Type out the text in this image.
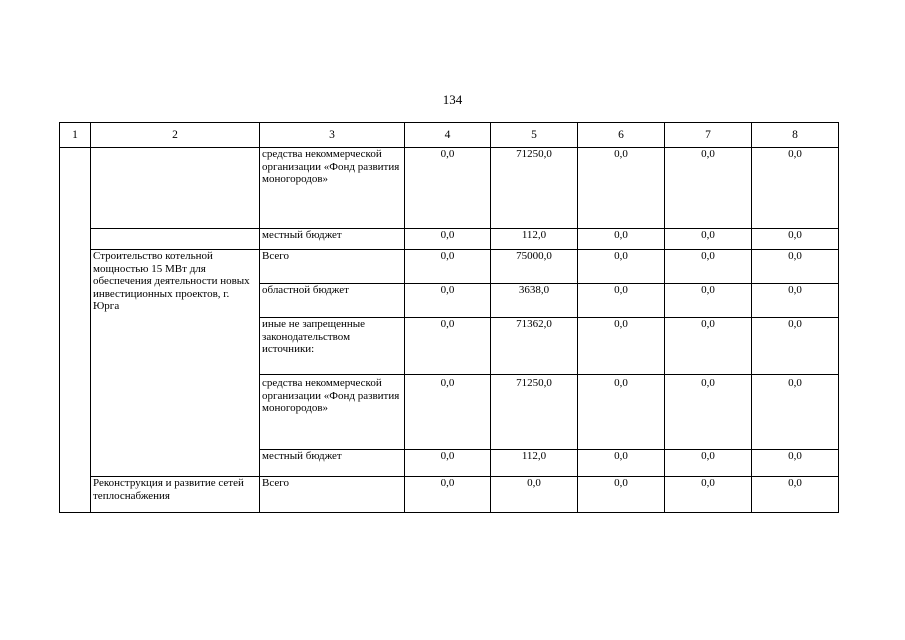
134
1	2	3	4	5	6	7	8
		средства некоммерческой организации «Фонд развития моногородов»	0,0	71250,0	0,0	0,0	0,0
		местный бюджет	0,0	112,0	0,0	0,0	0,0
	Строительство котельной мощностью 15 МВт для обеспечения деятельности новых инвестиционных проектов, г. Юрга	Всего	0,0	75000,0	0,0	0,0	0,0
		областной бюджет	0,0	3638,0	0,0	0,0	0,0
		иные не запрещенные законодательством источники:	0,0	71362,0	0,0	0,0	0,0
		средства некоммерческой организации «Фонд развития моногородов»	0,0	71250,0	0,0	0,0	0,0
		местный бюджет	0,0	112,0	0,0	0,0	0,0
	Реконструкция и развитие сетей теплоснабжения	Всего	0,0	0,0	0,0	0,0	0,0
